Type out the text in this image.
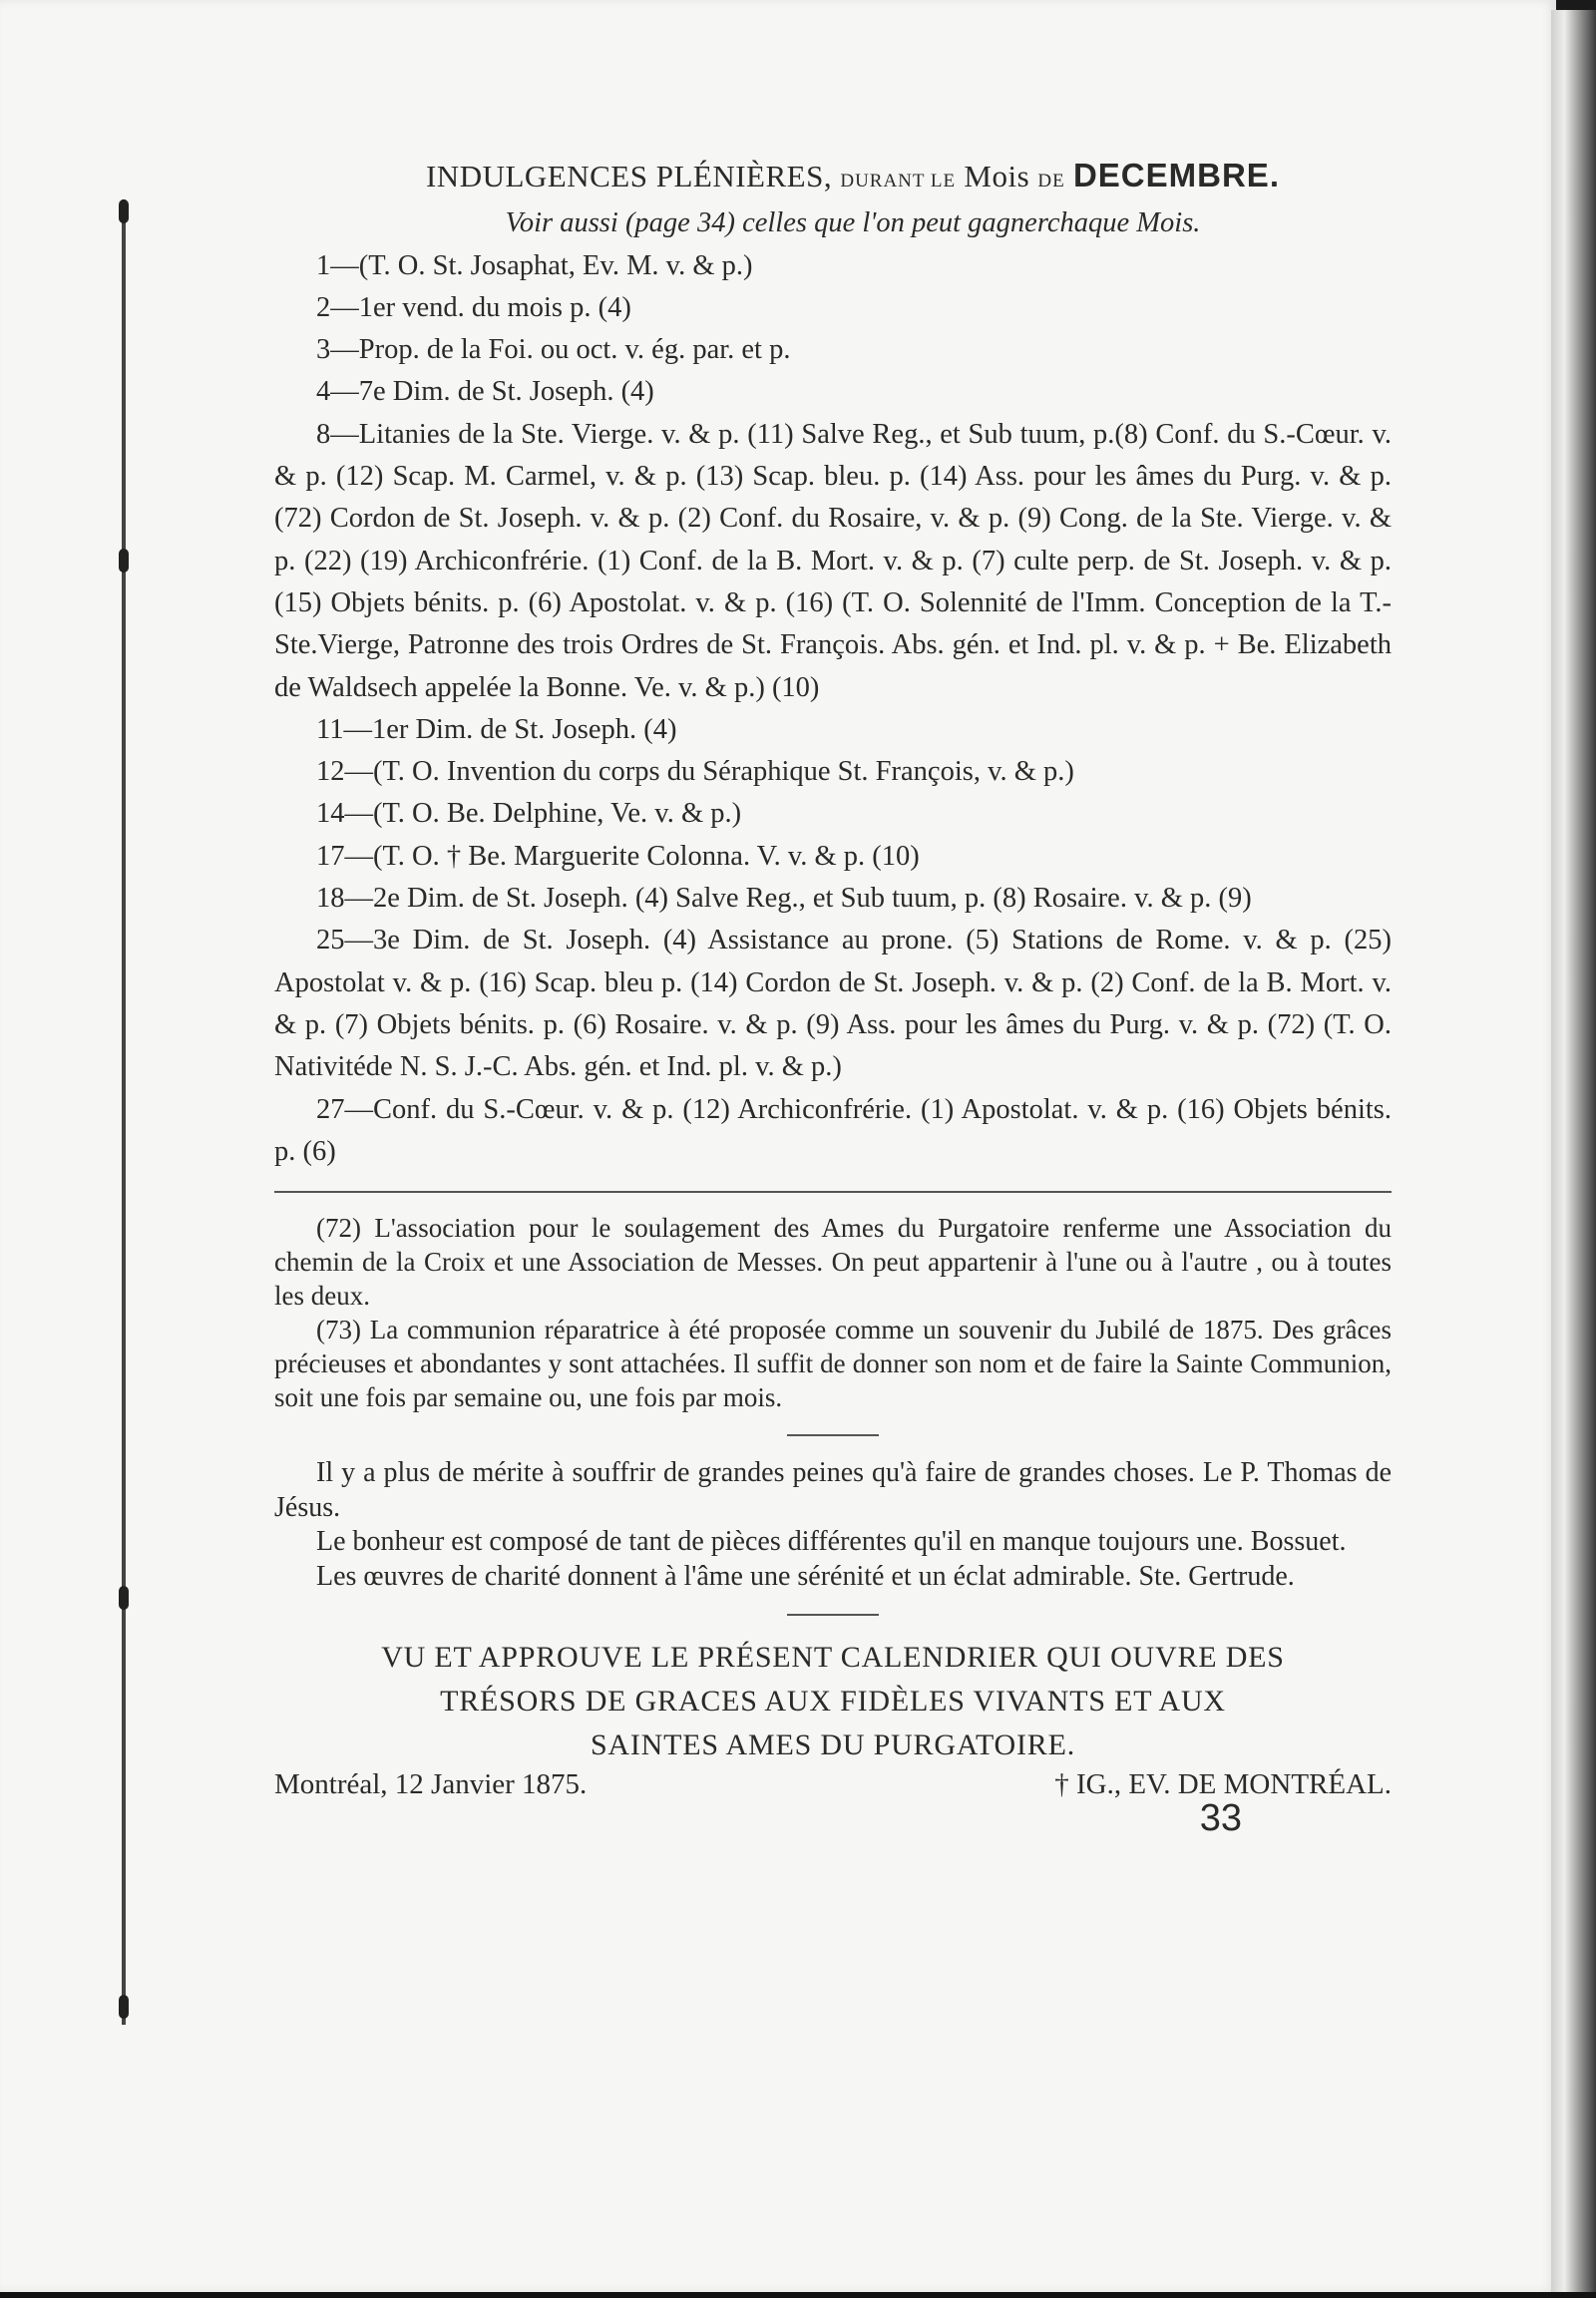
INDULGENCES PLÉNIÈRES, DURANT LE Mois DE DECEMBRE.
Voir aussi (page 34) celles que l'on peut gagnerchaque Mois.

1—(T. O. St. Josaphat, Ev. M. v. & p.)

2—1er vend. du mois p. (4)

3—Prop. de la Foi. ou oct. v. ég. par. et p.

4—7e Dim. de St. Joseph. (4)

8—Litanies de la Ste. Vierge. v. & p. (11) Salve Reg., et Sub tuum, p.(8) Conf. du S.-Cœur. v. & p. (12) Scap. M. Carmel, v. & p. (13) Scap. bleu. p. (14) Ass. pour les âmes du Purg. v. & p. (72) Cordon de St. Joseph. v. & p. (2) Conf. du Rosaire, v. & p. (9) Cong. de la Ste. Vierge. v. & p. (22) (19) Archiconfrérie. (1) Conf. de la B. Mort. v. & p. (7) culte perp. de St. Joseph. v. & p. (15) Objets bénits. p. (6) Apostolat. v. & p. (16) (T. O. Solennité de l'Imm. Conception de la T.-Ste.Vierge, Patronne des trois Ordres de St. François. Abs. gén. et Ind. pl. v. & p. + Be. Elizabeth de Waldsech appelée la Bonne. Ve. v. & p.) (10)

11—1er Dim. de St. Joseph. (4)

12—(T. O. Invention du corps du Séraphique St. François, v. & p.)

14—(T. O. Be. Delphine, Ve. v. & p.)

17—(T. O. † Be. Marguerite Colonna. V. v. & p. (10)

18—2e Dim. de St. Joseph. (4) Salve Reg., et Sub tuum, p. (8) Rosaire. v. & p. (9)

25—3e Dim. de St. Joseph. (4) Assistance au prone. (5) Stations de Rome. v. & p. (25) Apostolat v. & p. (16) Scap. bleu p. (14) Cordon de St. Joseph. v. & p. (2) Conf. de la B. Mort. v. & p. (7) Objets bénits. p. (6) Rosaire. v. & p. (9) Ass. pour les âmes du Purg. v. & p. (72) (T. O. Nativitéde N. S. J.-C. Abs. gén. et Ind. pl. v. & p.)

27—Conf. du S.-Cœur. v. & p. (12) Archiconfrérie. (1) Apostolat. v. & p. (16) Objets bénits. p. (6)

(72) L'association pour le soulagement des Ames du Purgatoire renferme une Association du chemin de la Croix et une Association de Messes. On peut appartenir à l'une ou à l'autre , ou à toutes les deux.

(73) La communion réparatrice à été proposée comme un souvenir du Jubilé de 1875. Des grâces précieuses et abondantes y sont attachées. Il suffit de donner son nom et de faire la Sainte Communion, soit une fois par semaine ou, une fois par mois.

Il y a plus de mérite à souffrir de grandes peines qu'à faire de grandes choses. Le P. Thomas de Jésus.

Le bonheur est composé de tant de pièces différentes qu'il en manque toujours une. Bossuet.

Les œuvres de charité donnent à l'âme une sérénité et un éclat admirable. Ste. Gertrude.

VU ET APPROUVE LE PRÉSENT CALENDRIER QUI OUVRE DES
TRÉSORS DE GRACES AUX FIDÈLES VIVANTS ET AUX
SAINTES AMES DU PURGATOIRE.
Montréal, 12 Janvier 1875.	† IG., EV. DE MONTRÉAL.
33
